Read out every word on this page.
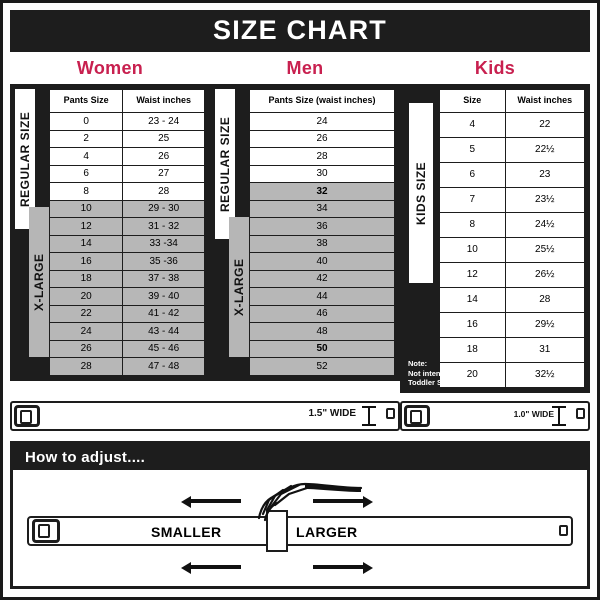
SIZE CHART
Women
REGULAR SIZE
X-LARGE
Pants Size	Waist inches
0	23 - 24
2	25
4	26
6	27
8	28
10	29 - 30
12	31 - 32
14	33 -34
16	35 -36
18	37 - 38
20	39 - 40
22	41 - 42
24	43 - 44
26	45 - 46
28	47 - 48
Men
REGULAR SIZE
X-LARGE
Pants Size (waist inches)
24
26
28
30
32
34
36
38
40
42
44
46
48
50
52
Kids
KIDS SIZE
Size	Waist inches
4	22
5	22½
6	23
7	23½
8	24½
10	25½
12	26½
14	28
16	29½
18	31
20	32½
Note:
Not intended for
Toddler Sizes (T)
1.5" WIDE	1.0" WIDE
How to adjust....
SMALLER	LARGER
